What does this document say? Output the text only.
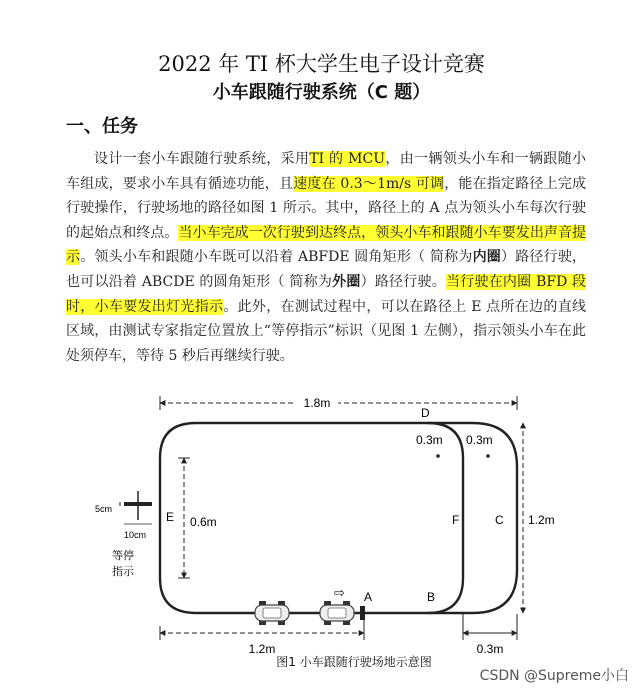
2022 年 TI 杯大学生电子设计竞赛
小车跟随行驶系统（C 题）
一、任务
设计一套小车跟随行驶系统，采用TI 的 MCU，由一辆领头小车和一辆跟随小车组成，要求小车具有循迹功能，且速度在 0.3～1m/s 可调，能在指定路径上完成行驶操作，行驶场地的路径如图 1 所示。其中，路径上的 A 点为领头小车每次行驶的起始点和终点。当小车完成一次行驶到达终点，领头小车和跟随小车要发出声音提示。领头小车和跟随小车既可以沿着 ABFDE 圆角矩形（ 简称为内圈）路径行驶，也可以沿着 ABCDE 的圆角矩形（ 简称为外圈）路径行驶。当行驶在内圈 BFD 段时，小车要发出灯光指示。此外，在测试过程中，可以在路径上 E 点所在边的直线区域，由测试专家指定位置放上“等停指示”标识（见图 1 左侧），指示领头小车在此处须停车，等待 5 秒后再继续行驶。
1.8m
1.2m	0.3m
1.2m
0.6m
0.3m 0.3m
A	B
C
D
E	F
⇨
5cm
10cm
等停
指示
图1 小车跟随行驶场地示意图
CSDN @Supreme小白
